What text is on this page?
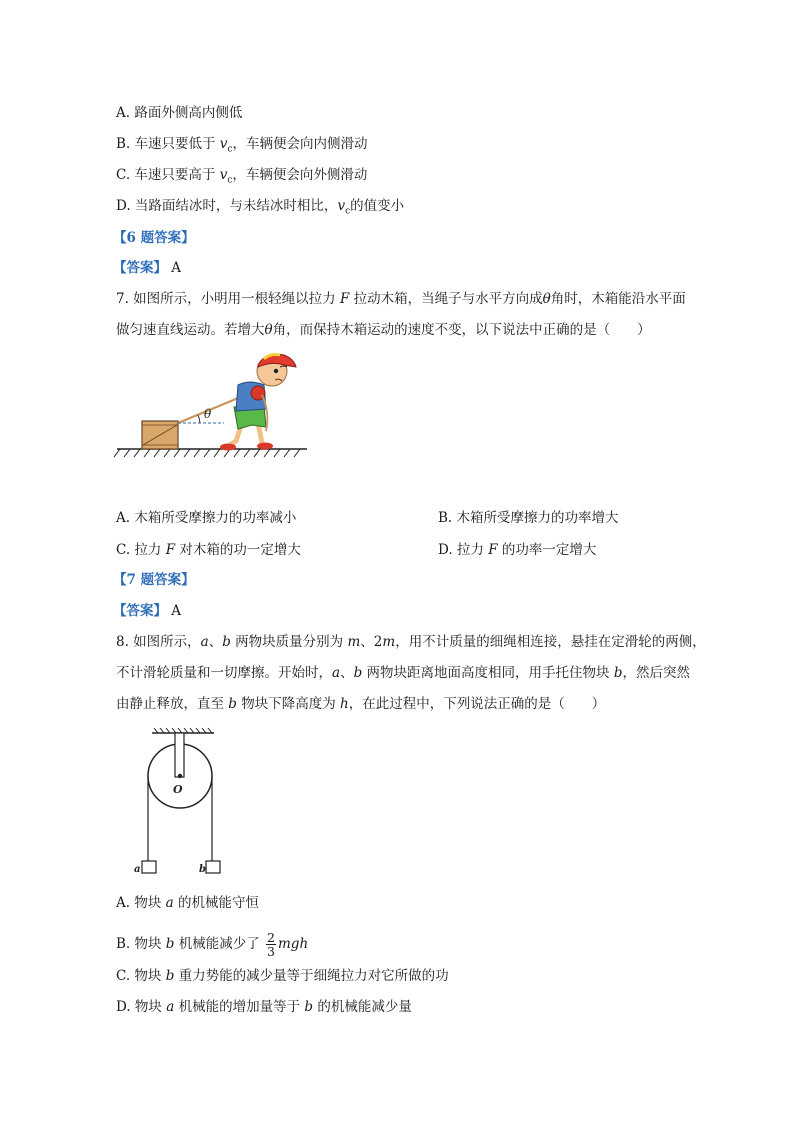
A. 路面外侧高内侧低
B. 车速只要低于 $v_c$，车辆便会向内侧滑动
C. 车速只要高于 $v_c$，车辆便会向外侧滑动
D. 当路面结冰时，与未结冰时相比，$v_c$的值变小
【6 题答案】
【答案】 A
7. 如图所示，小明用一根轻绳以拉力 F 拉动木箱，当绳子与水平方向成θ角时，木箱能沿水平面
做匀速直线运动。若增大θ角，而保持木箱运动的速度不变，以下说法中正确的是（　　）
θ
A. 木箱所受摩擦力的功率减小	B. 木箱所受摩擦力的功率增大
C. 拉力 F 对木箱的功一定增大	D. 拉力 F 的功率一定增大
【7 题答案】
【答案】 A
8. 如图所示，a、b 两物块质量分别为 m、2m，用不计质量的细绳相连接，悬挂在定滑轮的两侧，
不计滑轮质量和一切摩擦。开始时，a、b 两物块距离地面高度相同，用手托住物块 b，然后突然
由静止释放，直至 b 物块下降高度为 h，在此过程中，下列说法正确的是（　　）
O
a	b
A. 物块 a 的机械能守恒
B. 物块 b 机械能减少了 $\frac{2}{3}$ mgh
C. 物块 b 重力势能的减少量等于细绳拉力对它所做的功
D. 物块 a 机械能的增加量等于 b 的机械能减少量
